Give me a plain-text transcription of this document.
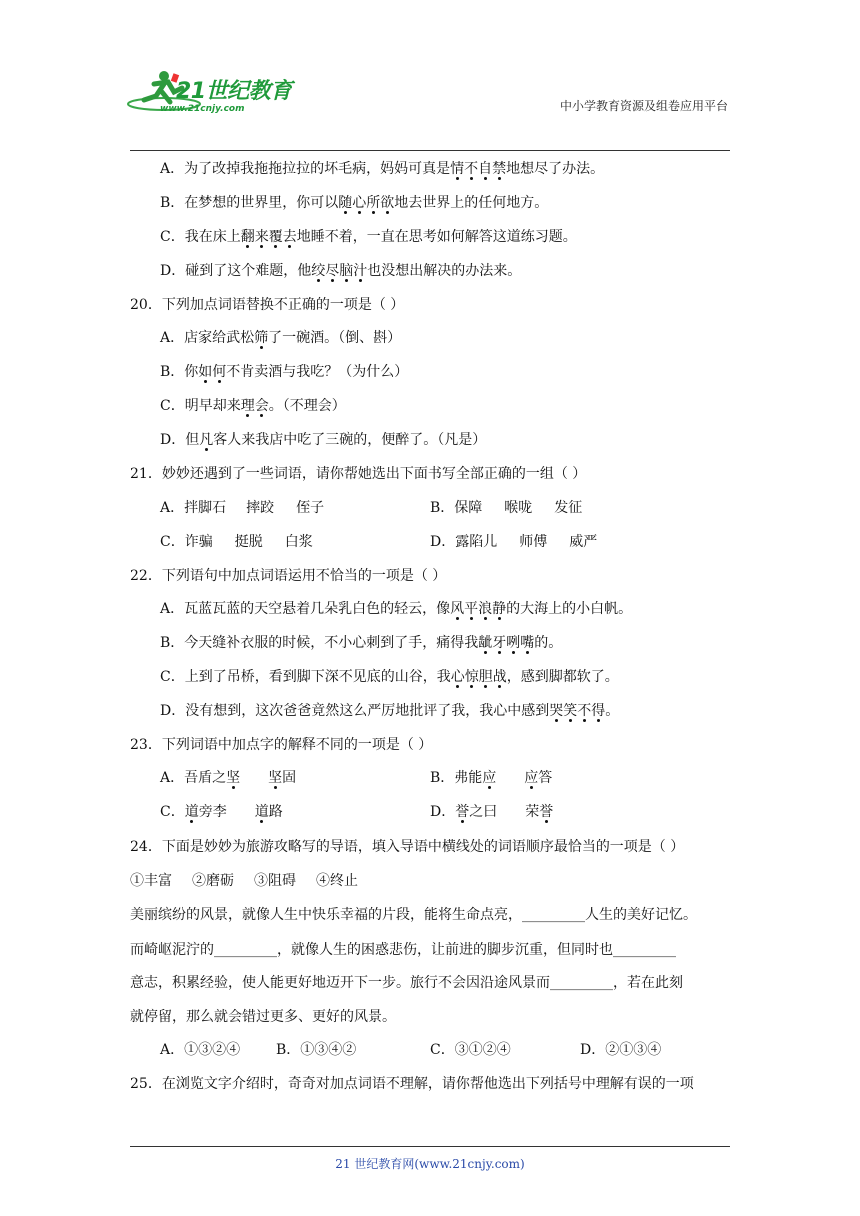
21世纪教育
www.21cnjy.com	中小学教育资源及组卷应用平台
A．为了改掉我拖拖拉拉的坏毛病，妈妈可真是情不自禁地想尽了办法。
B．在梦想的世界里，你可以随心所欲地去世界上的任何地方。
C．我在床上翻来覆去地睡不着，一直在思考如何解答这道练习题。
D．碰到了这个难题，他绞尽脑汁也没想出解决的办法来。
20．下列加点词语替换不正确的一项是（ ）
A．店家给武松筛了一碗酒。（倒、斟）
B．你如何不肯卖酒与我吃？（为什么）
C．明早却来理会。（不理会）
D．但凡客人来我店中吃了三碗的，便醉了。（凡是）
21．妙妙还遇到了一些词语，请你帮她选出下面书写全部正确的一组（ ）
A．拌脚石 摔跤 侄子	B．保障 喉咙 发征
C．诈骗 挺脱 白浆	D．露陷儿 师傅 威严
22．下列语句中加点词语运用不恰当的一项是（ ）
A．瓦蓝瓦蓝的天空悬着几朵乳白色的轻云，像风平浪静的大海上的小白帆。
B．今天缝补衣服的时候，不小心刺到了手，痛得我龇牙咧嘴的。
C．上到了吊桥，看到脚下深不见底的山谷，我心惊胆战，感到脚都软了。
D．没有想到，这次爸爸竟然这么严厉地批评了我，我心中感到哭笑不得。
23．下列词语中加点字的解释不同的一项是（ ）
A．吾盾之坚 坚固	B．弗能应 应答
C．道旁李 道路	D．誉之曰 荣誉
24．下面是妙妙为旅游攻略写的导语，填入导语中横线处的词语顺序最恰当的一项是（ ）
①丰富 ②磨砺 ③阻碍 ④终止
美丽缤纷的风景，就像人生中快乐幸福的片段，能将生命点亮，_________人生的美好记忆。
而崎岖泥泞的_________，就像人生的困惑悲伤，让前进的脚步沉重，但同时也_________
意志，积累经验，使人能更好地迈开下一步。旅行不会因沿途风景而_________，若在此刻
就停留，那么就会错过更多、更好的风景。
A．①③②④	B．①③④②	C．③①②④	D．②①③④
25．在浏览文字介绍时，奇奇对加点词语不理解，请你帮他选出下列括号中理解有误的一项
21 世纪教育网(www.21cnjy.com)
